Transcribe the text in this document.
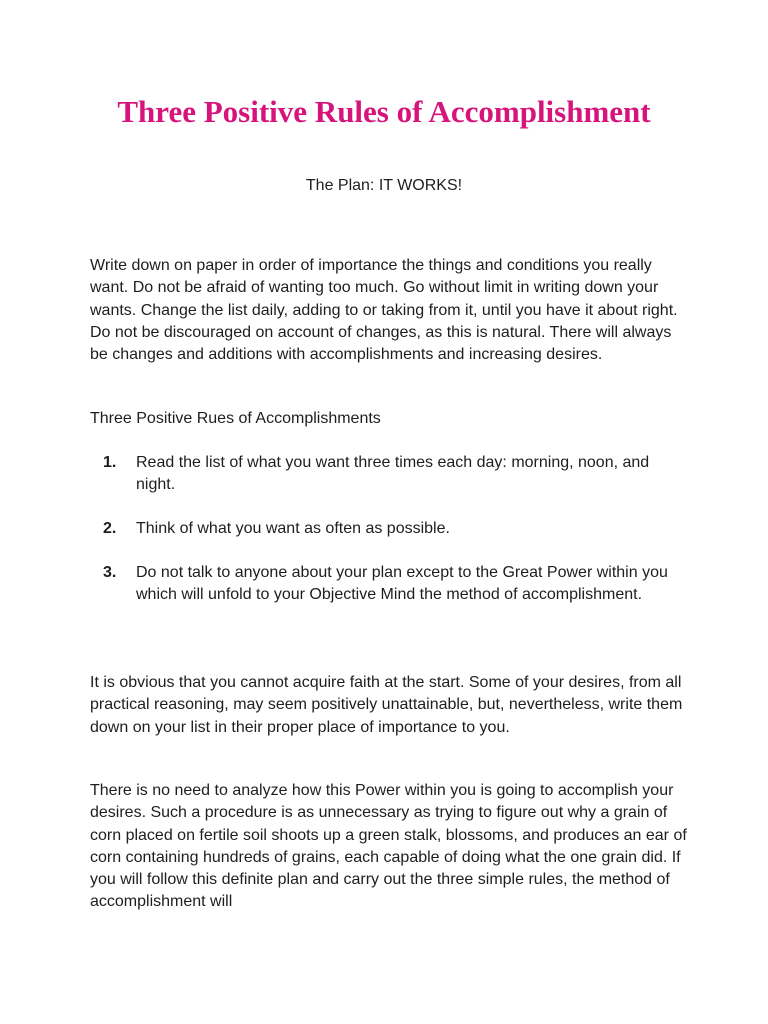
Three Positive Rules of Accomplishment

The Plan: IT WORKS!

Write down on paper in order of importance the things and conditions you really want. Do not be afraid of wanting too much. Go without limit in writing down your wants. Change the list daily, adding to or taking from it, until you have it about right. Do not be discouraged on account of changes, as this is natural. There will always be changes and additions with accomplishments and increasing desires.

Three Positive Rues of Accomplishments

1. Read the list of what you want three times each day: morning, noon, and night.
2. Think of what you want as often as possible.
3. Do not talk to anyone about your plan except to the Great Power within you which will unfold to your Objective Mind the method of accomplishment.

It is obvious that you cannot acquire faith at the start. Some of your desires, from all practical reasoning, may seem positively unattainable, but, nevertheless, write them down on your list in their proper place of importance to you.

There is no need to analyze how this Power within you is going to accomplish your desires. Such a procedure is as unnecessary as trying to figure out why a grain of corn placed on fertile soil shoots up a green stalk, blossoms, and produces an ear of corn containing hundreds of grains, each capable of doing what the one grain did. If you will follow this definite plan and carry out the three simple rules, the method of accomplishment will
